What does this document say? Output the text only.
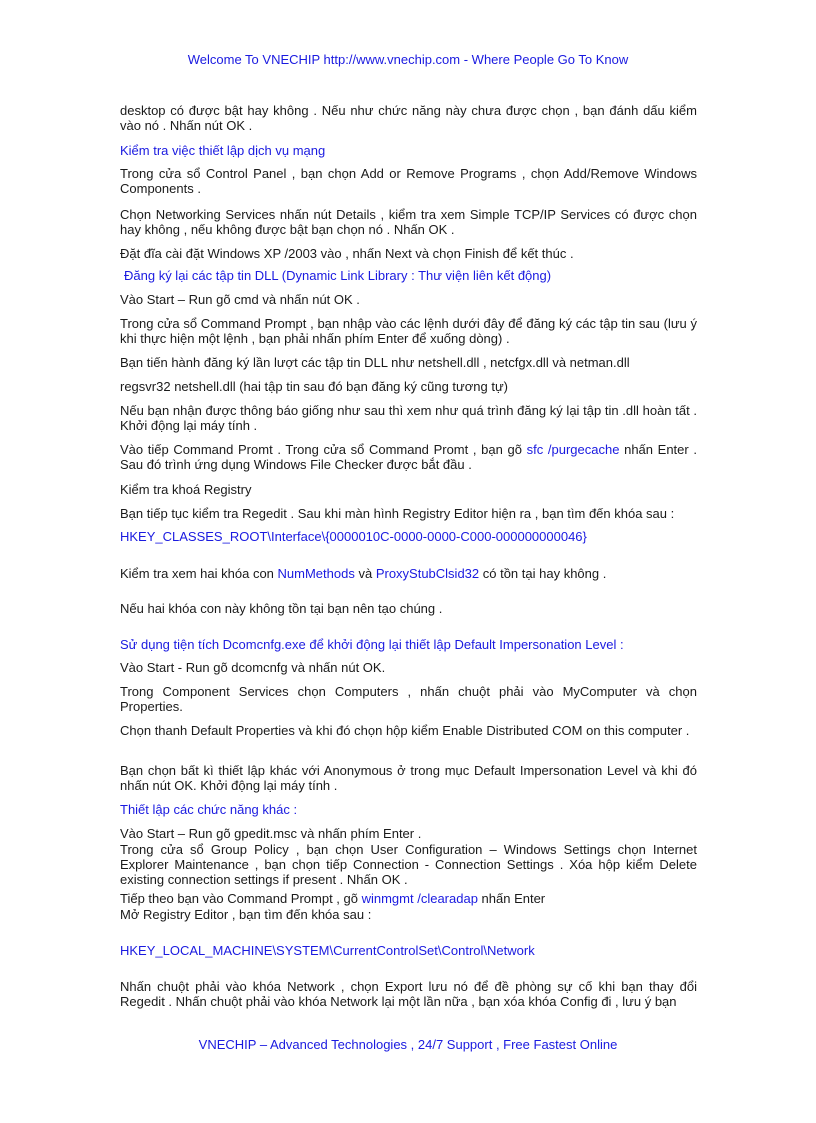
Welcome To VNECHIP http://www.vnechip.com - Where People Go To Know

desktop có được bật hay không . Nếu như chức năng này chưa được chọn , bạn đánh dấu kiểm vào nó . Nhấn nút OK .

Kiểm tra việc thiết lập dịch vụ mạng

Trong cửa sổ Control Panel , bạn chọn Add or Remove Programs , chọn Add/Remove Windows Components .

Chọn Networking Services nhấn nút Details , kiểm tra xem Simple TCP/IP Services có được chọn hay không , nếu không được bật bạn chọn nó . Nhấn OK .

Đặt đĩa cài đặt Windows XP /2003 vào , nhấn Next và chọn Finish để kết thúc .

Đăng ký lại các tập tin DLL (Dynamic Link Library : Thư viện liên kết động)

Vào Start – Run gõ cmd và nhấn nút OK .

Trong cửa sổ Command Prompt , bạn nhập vào các lệnh dưới đây để đăng ký các tập tin sau (lưu ý khi thực hiện một lệnh , bạn phải nhấn phím Enter để xuống dòng) .

Bạn tiến hành đăng ký lần lượt các tập tin DLL như netshell.dll , netcfgx.dll và netman.dll

regsvr32 netshell.dll (hai tập tin sau đó bạn đăng ký cũng tương tự)

Nếu bạn nhận được thông báo giống như sau thì xem như quá trình đăng ký lại tập tin .dll hoàn tất . Khởi động lại máy tính .

Vào tiếp Command Promt . Trong cửa sổ Command Promt , bạn gõ sfc /purgecache nhấn Enter . Sau đó trình ứng dụng Windows File Checker được bắt đầu .

Kiểm tra khoá Registry

Bạn tiếp tục kiểm tra Regedit . Sau khi màn hình Registry Editor hiện ra , bạn tìm đến khóa sau :

HKEY_CLASSES_ROOT\Interface\{0000010C-0000-0000-C000-000000000046}

Kiểm tra xem hai khóa con NumMethods và ProxyStubClsid32 có tồn tại hay không .

Nếu hai khóa con này không tồn tại bạn nên tạo chúng .

Sử dụng tiện tích Dcomcnfg.exe để khởi động lại thiết lập Default Impersonation Level :

Vào Start - Run gõ dcomcnfg và nhấn nút OK.

Trong Component Services chọn Computers , nhấn chuột phải vào MyComputer và chọn Properties.

Chọn thanh Default Properties và khi đó chọn hộp kiểm Enable Distributed COM on this computer .

Bạn chọn bất kì thiết lập khác với Anonymous ở trong mục Default Impersonation Level và khi đó nhấn nút OK. Khởi động lại máy tính .

Thiết lập các chức năng khác :

Vào Start – Run gõ gpedit.msc và nhấn phím Enter .

Trong cửa sổ Group Policy , bạn chọn User Configuration – Windows Settings chọn Internet Explorer Maintenance , bạn chọn tiếp Connection - Connection Settings . Xóa hộp kiểm Delete existing connection settings if present . Nhấn OK .

Tiếp theo bạn vào Command Prompt , gõ winmgmt /clearadap nhấn Enter

Mở Registry Editor , bạn tìm đến khóa sau :

HKEY_LOCAL_MACHINE\SYSTEM\CurrentControlSet\Control\Network

Nhấn chuột phải vào khóa Network , chọn Export lưu nó để đề phòng sự cố khi bạn thay đổi Regedit . Nhấn chuột phải vào khóa Network lại một lần nữa , bạn xóa khóa Config đi , lưu ý bạn

VNECHIP – Advanced Technologies , 24/7 Support , Free Fastest Online
